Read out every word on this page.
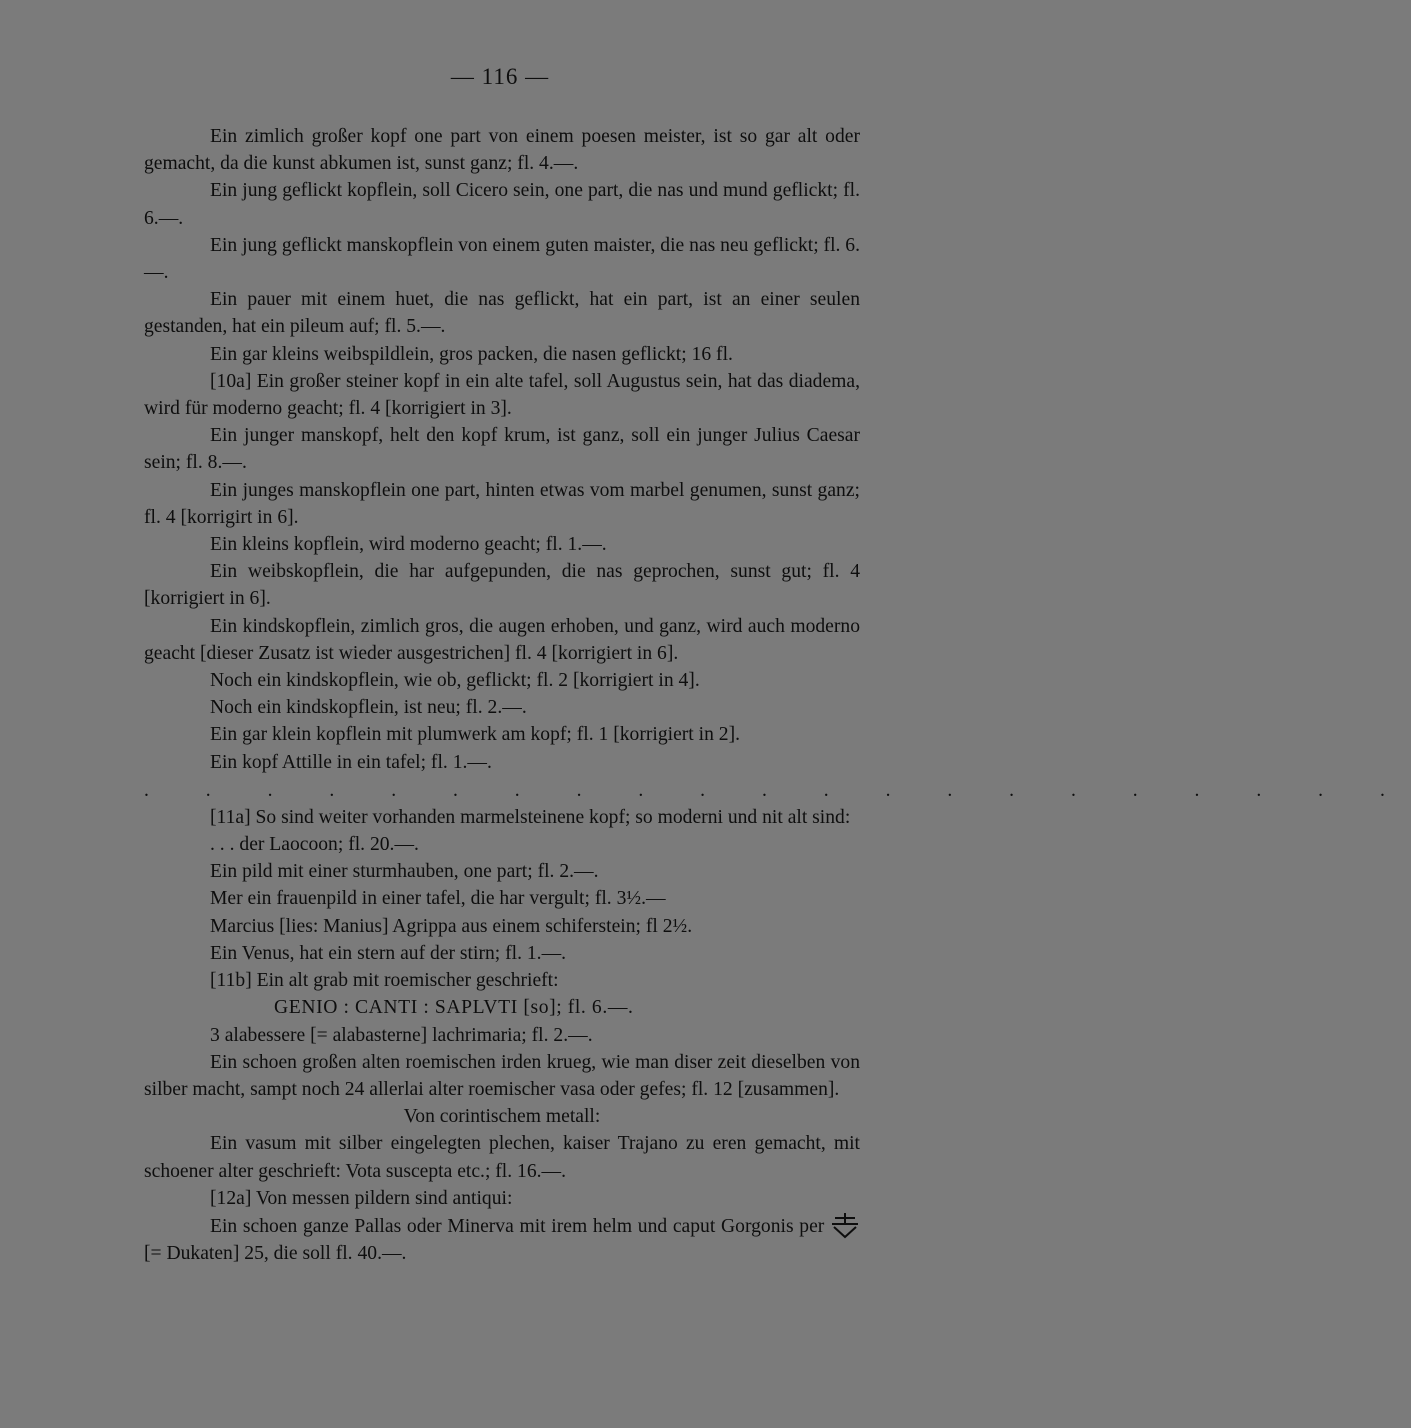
— 116 —

Ein zimlich großer kopf one part von einem poesen meister, ist so gar alt oder gemacht, da die kunst abkumen ist, sunst ganz; fl. 4.—.

Ein jung geflickt kopflein, soll Cicero sein, one part, die nas und mund geflickt; fl. 6.—.

Ein jung geflickt manskopflein von einem guten maister, die nas neu geflickt; fl. 6.—.

Ein pauer mit einem huet, die nas geflickt, hat ein part, ist an einer seulen gestanden, hat ein pileum auf; fl. 5.—.

Ein gar kleins weibspildlein, gros packen, die nasen geflickt; 16 fl.

[10a] Ein großer steiner kopf in ein alte tafel, soll Augustus sein, hat das diadema, wird für moderno geacht; fl. 4 [korrigiert in 3].

Ein junger manskopf, helt den kopf krum, ist ganz, soll ein junger Julius Caesar sein; fl. 8.—.

Ein junges manskopflein one part, hinten etwas vom marbel genumen, sunst ganz; fl. 4 [korrigirt in 6].

Ein kleins kopflein, wird moderno geacht; fl. 1.—.

Ein weibskopflein, die har aufgepunden, die nas geprochen, sunst gut; fl. 4 [korrigiert in 6].

Ein kindskopflein, zimlich gros, die augen erhoben, und ganz, wird auch moderno geacht [dieser Zusatz ist wieder ausgestrichen] fl. 4 [korrigiert in 6].

Noch ein kindskopflein, wie ob, geflickt; fl. 2 [korrigiert in 4].

Noch ein kindskopflein, ist neu; fl. 2.—.

Ein gar klein kopflein mit plumwerk am kopf; fl. 1 [korrigiert in 2].

Ein kopf Attille in ein tafel; fl. 1.—.

. . . . . . . . . . . . . . . . . . . . .

[11a] So sind weiter vorhanden marmelsteinene kopf; so moderni und nit alt sind:

. . . der Laocoon; fl. 20.—.

Ein pild mit einer sturmhauben, one part; fl. 2.—.

Mer ein frauenpild in einer tafel, die har vergult; fl. 3½.—

Marcius [lies: Manius] Agrippa aus einem schiferstein; fl 2½.

Ein Venus, hat ein stern auf der stirn; fl. 1.—.

[11b] Ein alt grab mit roemischer geschrieft:

GENIO : CANTI : SAPLVTI [so]; fl. 6.—.

3 alabessere [= alabasterne] lachrimaria; fl. 2.—.

Ein schoen großen alten roemischen irden krueg, wie man diser zeit dieselben von silber macht, sampt noch 24 allerlai alter roemischer vasa oder gefes; fl. 12 [zusammen].

Von corintischem metall:

Ein vasum mit silber eingelegten plechen, kaiser Trajano zu eren gemacht, mit schoener alter geschrieft: Vota suscepta etc.; fl. 16.—.

[12a] Von messen pildern sind antiqui:

Ein schoen ganze Pallas oder Minerva mit irem helm und caput Gorgonis per  [= Dukaten] 25, die soll fl. 40.—.
